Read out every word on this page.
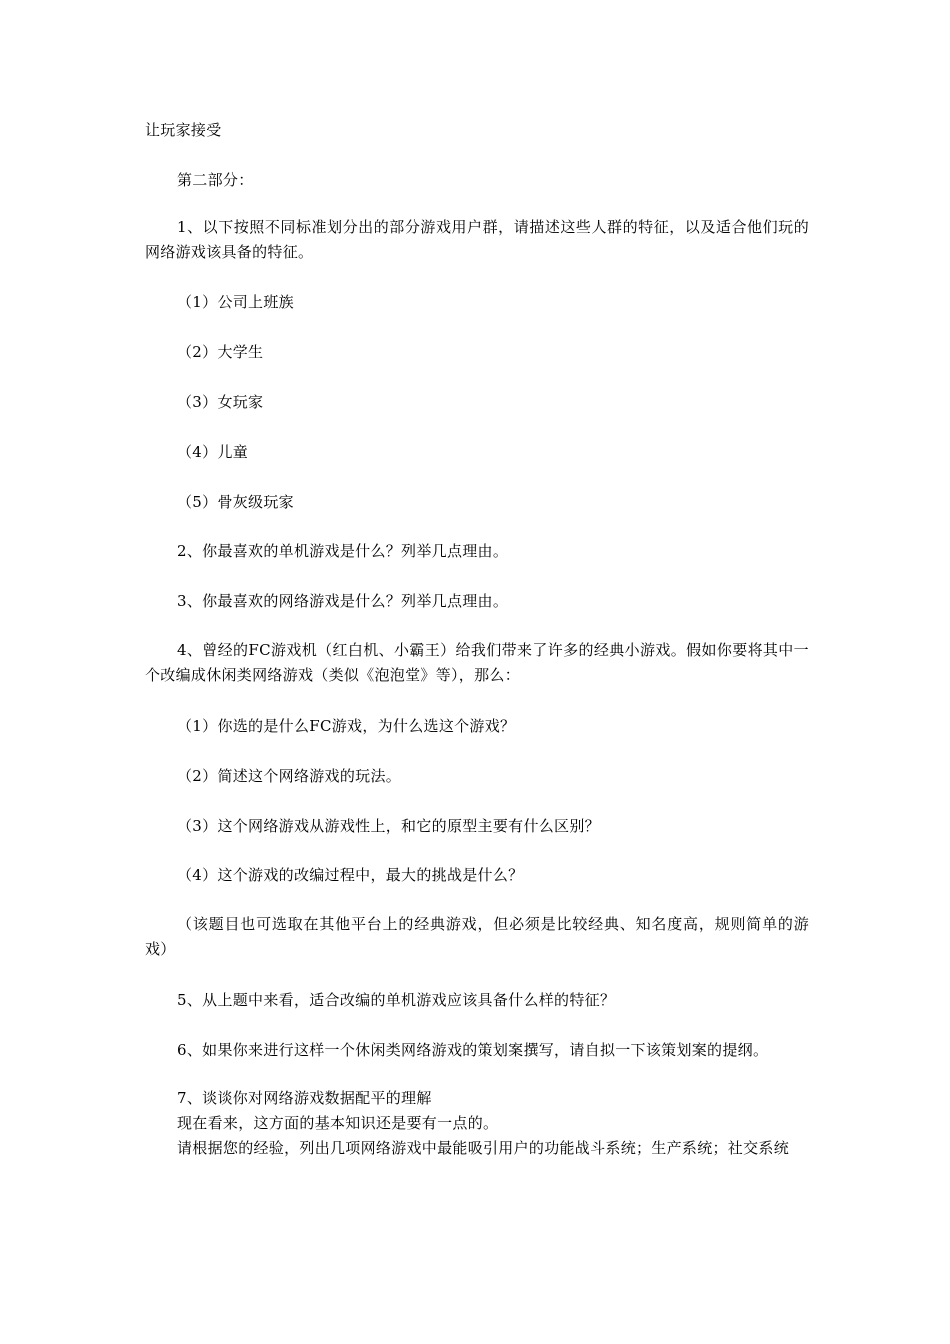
让玩家接受

第二部分：

1、以下按照不同标准划分出的部分游戏用户群，请描述这些人群的特征，以及适合他们玩的网络游戏该具备的特征。

（1）公司上班族

（2）大学生

（3）女玩家

（4）儿童

（5）骨灰级玩家

2、你最喜欢的单机游戏是什么？列举几点理由。

3、你最喜欢的网络游戏是什么？列举几点理由。

4、曾经的FC游戏机（红白机、小霸王）给我们带来了许多的经典小游戏。假如你要将其中一个改编成休闲类网络游戏（类似《泡泡堂》等），那么：

（1）你选的是什么FC游戏，为什么选这个游戏？

（2）简述这个网络游戏的玩法。

（3）这个网络游戏从游戏性上，和它的原型主要有什么区别？

（4）这个游戏的改编过程中，最大的挑战是什么？

（该题目也可选取在其他平台上的经典游戏，但必须是比较经典、知名度高，规则简单的游戏）

5、从上题中来看，适合改编的单机游戏应该具备什么样的特征？

6、如果你来进行这样一个休闲类网络游戏的策划案撰写，请自拟一下该策划案的提纲。

7、谈谈你对网络游戏数据配平的理解

现在看来，这方面的基本知识还是要有一点的。

请根据您的经验，列出几项网络游戏中最能吸引用户的功能战斗系统；生产系统；社交系统
